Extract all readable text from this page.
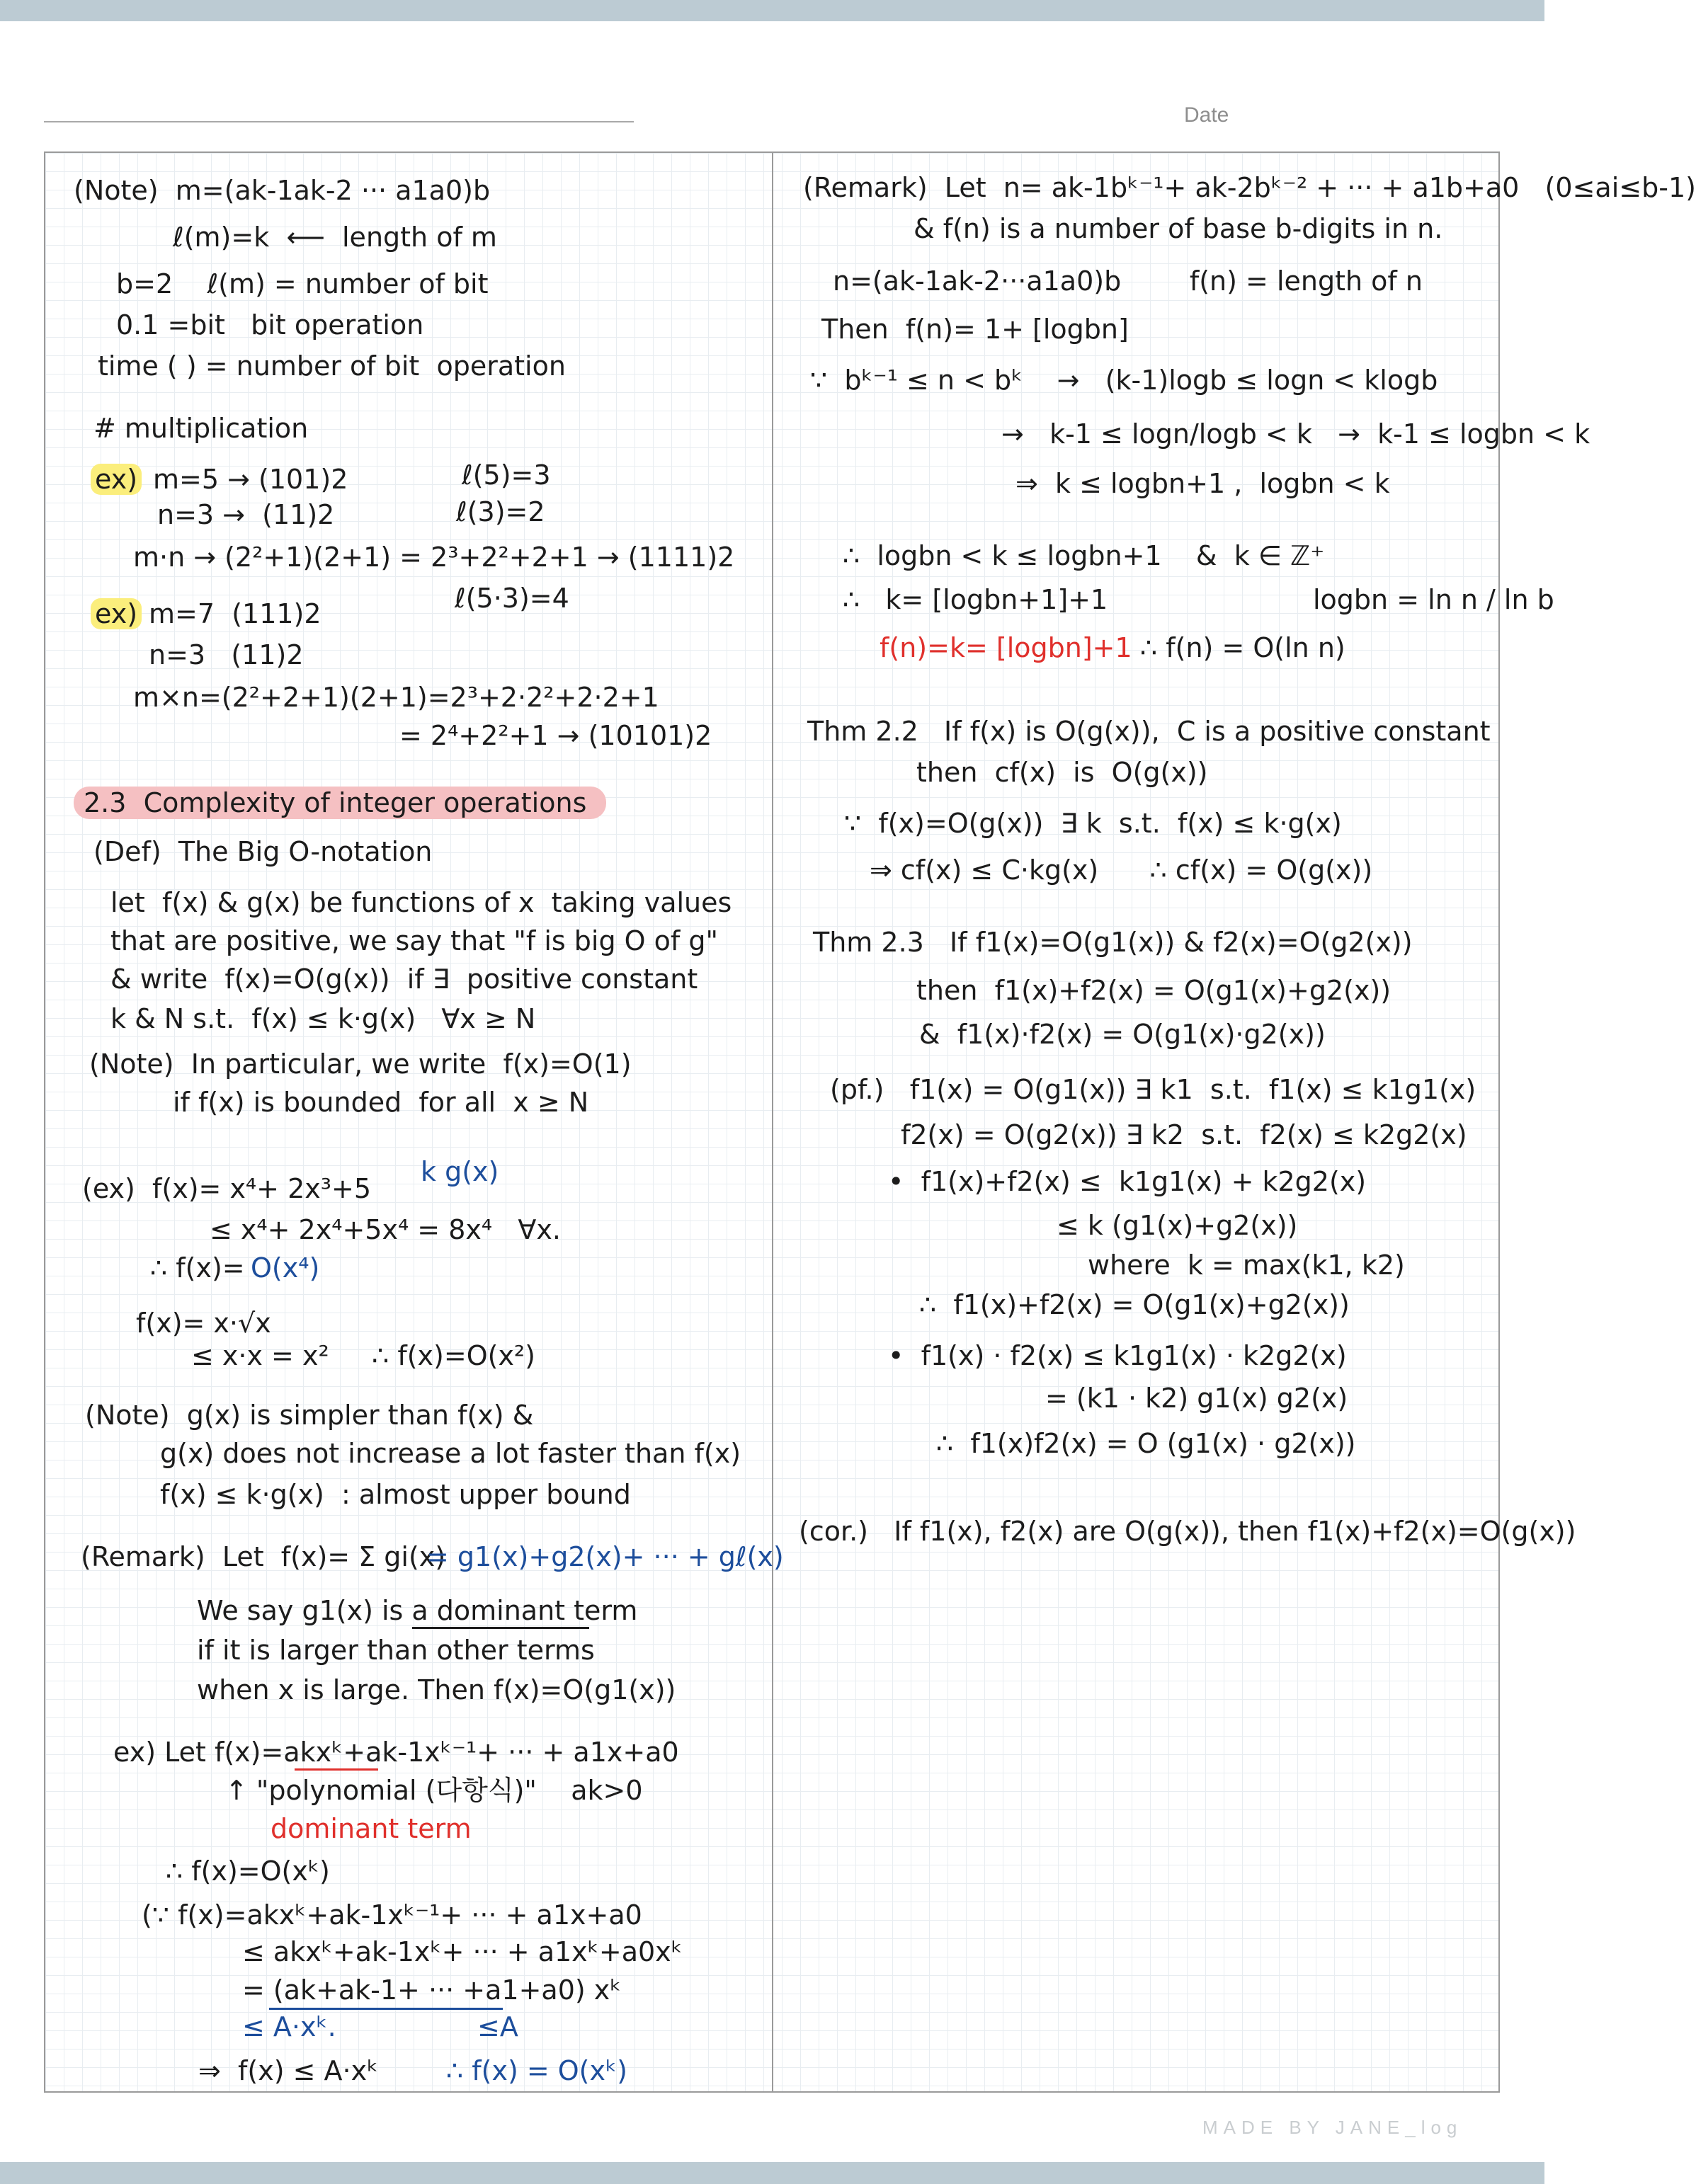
Date
(Note)  m=(ak-1ak-2 ··· a1a0)b
ℓ(m)=k  ⟵  length of m
b=2    ℓ(m) = number of bit
0.1 =bit   bit operation
time ( ) = number of bit  operation
# multiplication
ex) m=5 → (101)2	ℓ(5)=3
n=3 →  (11)2	ℓ(3)=2
m·n → (2²+1)(2+1) = 2³+2²+2+1 → (1111)2
ex) m=7  (111)2	ℓ(5·3)=4
n=3   (11)2
m×n=(2²+2+1)(2+1)=2³+2·2²+2·2+1
= 2⁴+2²+1 → (10101)2
2.3  Complexity of integer operations
(Def)  The Big O-notation
let  f(x) & g(x) be functions of x  taking values
that are positive, we say that "f is big O of g"
& write  f(x)=O(g(x))  if ∃  positive constant
k & N s.t.  f(x) ≤ k·g(x)   ∀x ≥ N
(Note)  In particular, we write  f(x)=O(1)
if f(x) is bounded  for all  x ≥ N
k g(x)
(ex)  f(x)= x⁴+ 2x³+5
≤ x⁴+ 2x⁴+5x⁴ = 8x⁴   ∀x.
∴ f(x)= O(x⁴)
f(x)= x·√x
≤ x·x = x²     ∴ f(x)=O(x²)
(Note)  g(x) is simpler than f(x) &
g(x) does not increase a lot faster than f(x)
f(x) ≤ k·g(x)  : almost upper bound
(Remark)  Let  f(x)= Σ gi(x)
= g1(x)+g2(x)+ ··· + gℓ(x)
We say g1(x) is a dominant term
if it is larger than other terms
when x is large. Then f(x)=O(g1(x))
ex) Let f(x)=akxᵏ+ak-1xᵏ⁻¹+ ··· + a1x+a0
↑ "polynomial (다항식)"    ak>0
dominant term
∴ f(x)=O(xᵏ)
(∵ f(x)=akxᵏ+ak-1xᵏ⁻¹+ ··· + a1x+a0
≤ akxᵏ+ak-1xᵏ+ ··· + a1xᵏ+a0xᵏ
= (ak+ak-1+ ··· +a1+a0) xᵏ
≤ A·xᵏ.	≤A
⇒  f(x) ≤ A·xᵏ	∴ f(x) = O(xᵏ)
(Remark)  Let  n= ak-1bᵏ⁻¹+ ak-2bᵏ⁻² + ··· + a1b+a0   (0≤ai≤b-1)
& f(n) is a number of base b-digits in n.
n=(ak-1ak-2···a1a0)b        f(n) = length of n
Then  f(n)= 1+ [logbn]
∵  bᵏ⁻¹ ≤ n < bᵏ    →   (k-1)logb ≤ logn < klogb
→   k-1 ≤ logn/logb < k   →  k-1 ≤ logbn < k
⇒  k ≤ logbn+1 ,  logbn < k
∴  logbn < k ≤ logbn+1    &  k ∈ ℤ⁺
∴   k= [logbn+1]+1	logbn = ln n / ln b
f(n)=k= [logbn]+1 ∴ f(n) = O(ln n)
Thm 2.2   If f(x) is O(g(x)),  C is a positive constant
then  cf(x)  is  O(g(x))
∵  f(x)=O(g(x))  ∃ k  s.t.  f(x) ≤ k·g(x)
⇒ cf(x) ≤ C·kg(x)      ∴ cf(x) = O(g(x))
Thm 2.3   If f1(x)=O(g1(x)) & f2(x)=O(g2(x))
then  f1(x)+f2(x) = O(g1(x)+g2(x))
&  f1(x)·f2(x) = O(g1(x)·g2(x))
(pf.)   f1(x) = O(g1(x)) ∃ k1  s.t.  f1(x) ≤ k1g1(x)
f2(x) = O(g2(x)) ∃ k2  s.t.  f2(x) ≤ k2g2(x)
•  f1(x)+f2(x) ≤  k1g1(x) + k2g2(x)
≤ k (g1(x)+g2(x))
where  k = max(k1, k2)
∴  f1(x)+f2(x) = O(g1(x)+g2(x))
•  f1(x) · f2(x) ≤ k1g1(x) · k2g2(x)
= (k1 · k2) g1(x) g2(x)
∴  f1(x)f2(x) = O (g1(x) · g2(x))
(cor.)   If f1(x), f2(x) are O(g(x)), then f1(x)+f2(x)=O(g(x))
MADE BY JANE_log
